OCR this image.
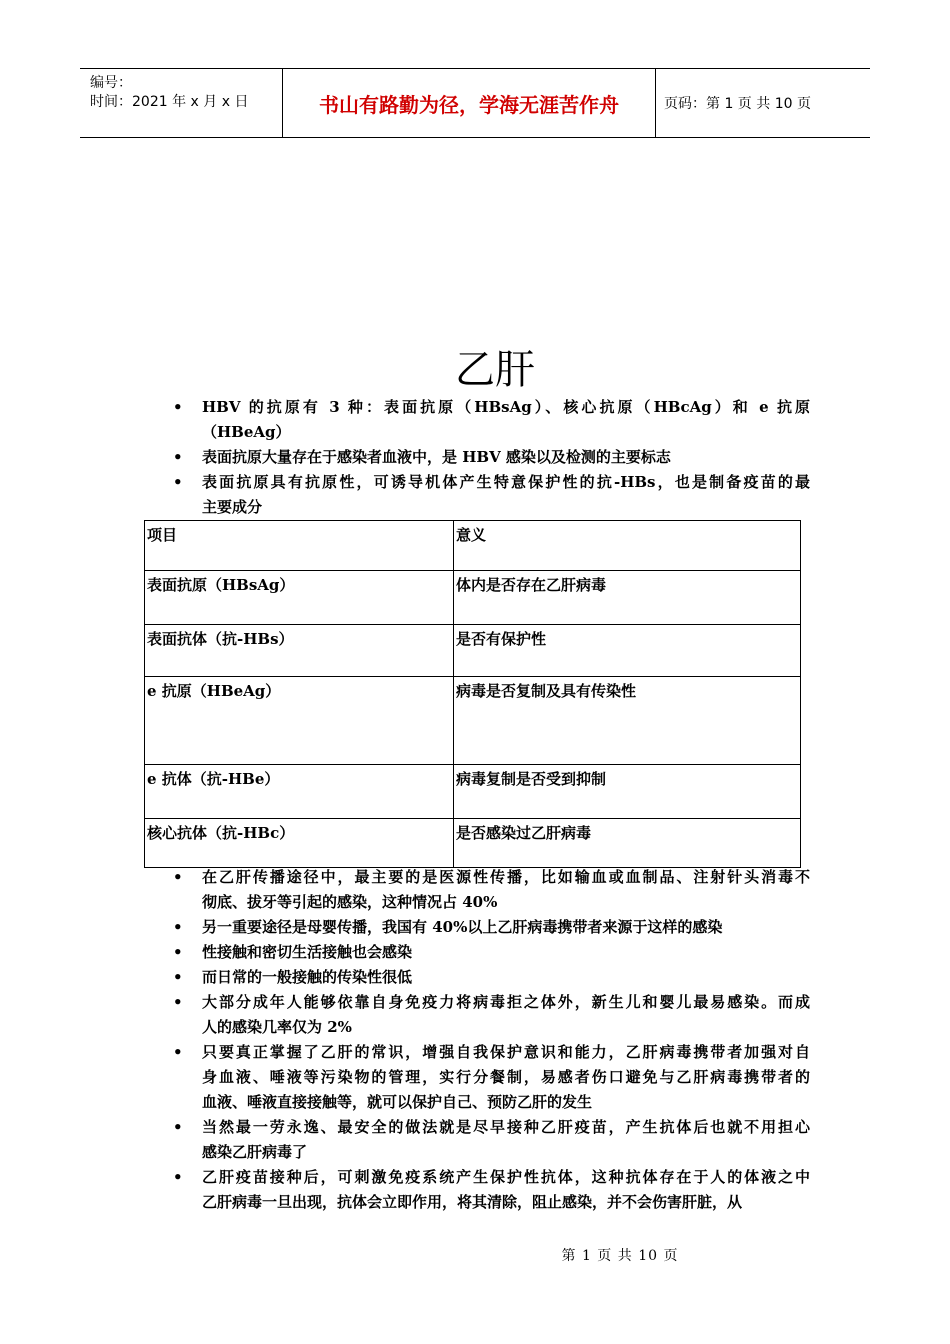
编号：
时间：2021 年 x 月 x 日	书山有路勤为径，学海无涯苦作舟	页码：第 1 页 共 10 页
乙肝
• HBV 的抗原有 3 种：表面抗原（HBsAg）、核心抗原（HBcAg）和 e 抗原
（HBeAg）
• 表面抗原大量存在于感染者血液中，是 HBV 感染以及检测的主要标志
• 表面抗原具有抗原性，可诱导机体产生特意保护性的抗-HBs，也是制备疫苗的最
主要成分
项目	意义
表面抗原（HBsAg）	体内是否存在乙肝病毒
表面抗体（抗-HBs）	是否有保护性
e 抗原（HBeAg）	病毒是否复制及具有传染性
e 抗体（抗-HBe）	病毒复制是否受到抑制
核心抗体（抗-HBc）	是否感染过乙肝病毒
• 在乙肝传播途径中，最主要的是医源性传播，比如输血或血制品、注射针头消毒不
彻底、拔牙等引起的感染，这种情况占 40%
• 另一重要途径是母婴传播，我国有 40%以上乙肝病毒携带者来源于这样的感染
• 性接触和密切生活接触也会感染
• 而日常的一般接触的传染性很低
• 大部分成年人能够依靠自身免疫力将病毒拒之体外，新生儿和婴儿最易感染。而成
人的感染几率仅为 2%
• 只要真正掌握了乙肝的常识，增强自我保护意识和能力，乙肝病毒携带者加强对自
身血液、唾液等污染物的管理，实行分餐制，易感者伤口避免与乙肝病毒携带者的
血液、唾液直接接触等，就可以保护自己、预防乙肝的发生
• 当然最一劳永逸、最安全的做法就是尽早接种乙肝疫苗，产生抗体后也就不用担心
感染乙肝病毒了
• 乙肝疫苗接种后，可刺激免疫系统产生保护性抗体，这种抗体存在于人的体液之中
乙肝病毒一旦出现，抗体会立即作用，将其清除，阻止感染，并不会伤害肝脏，从
第 1 页 共 10 页
